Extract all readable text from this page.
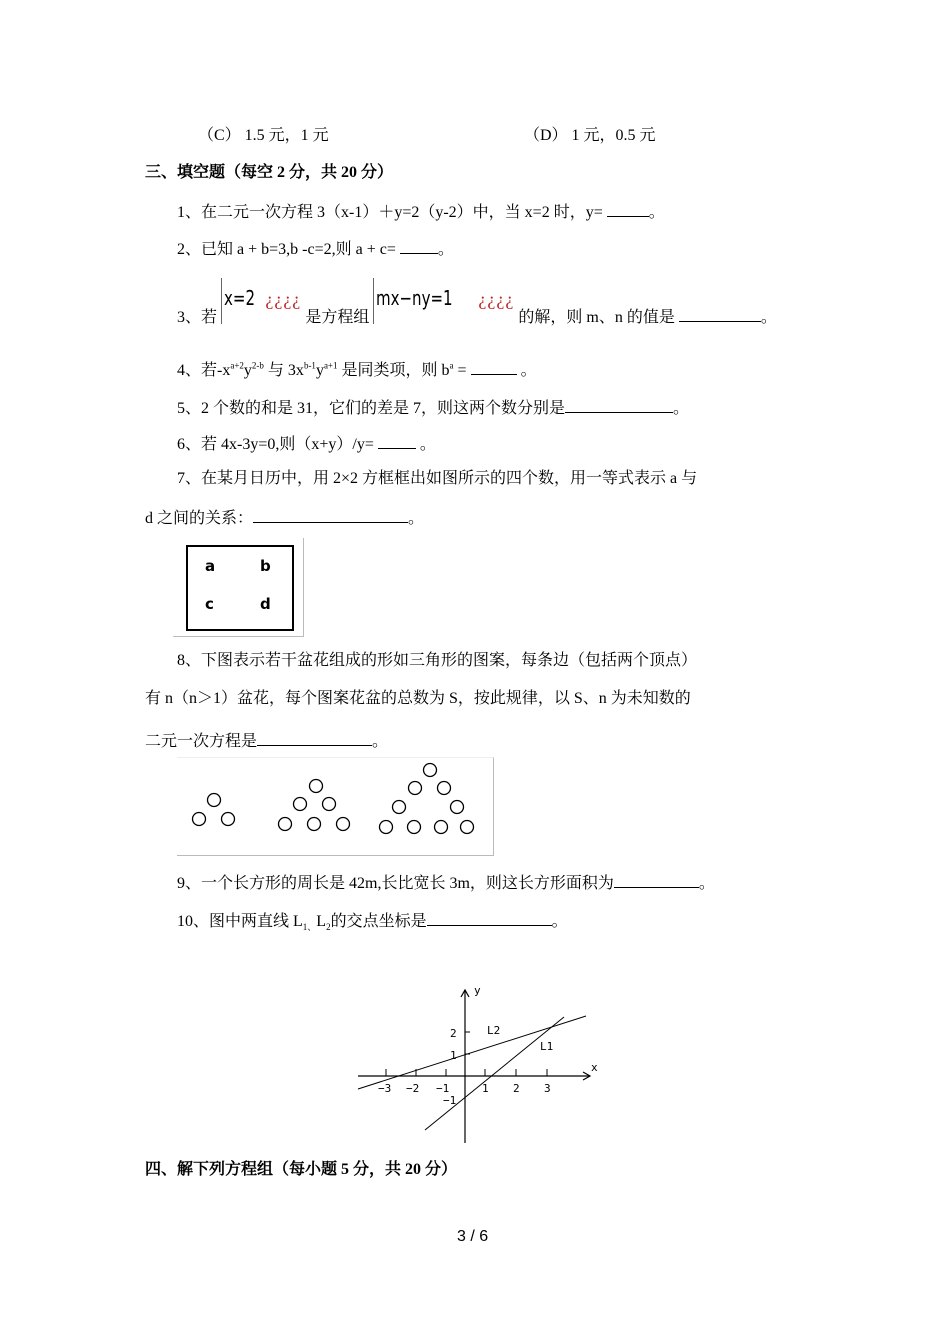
（C） 1.5 元，1 元	（D） 1 元，0.5 元
三、填空题（每空 2 分，共 20 分）
1、在二元一次方程 3（x-1）＋y=2（y-2）中，当 x=2 时，y=	。
2、已知 a + b=3,b -c=2,则 a + c= 。
3、若 x=2 ¿¿¿¿ 是方程组 mx−ny=1 ¿¿¿¿ 的解，则 m、n 的值是	。
4、若$-x^{a+2}y^{2-b}$ 与 $3x^{b-1}y^{a+1}$ 是同类项，则 $b^a$ =	。
5、2 个数的和是 31，它们的差是 7，则这两个数分别是	。
6、若 4x-3y=0,则（x+y）/y=  。
7、在某月日历中，用 2×2 方框框出如图所示的四个数，用一等式表示 a 与
d 之间的关系：	。
a	b
c	d
8、下图表示若干盆花组成的形如三角形的图案，每条边（包括两个顶点）
有 n（n＞1）盆花，每个图案花盆的总数为 S，按此规律，以 S、n 为未知数的
二元一次方程是	。
9、一个长方形的周长是 42m,长比宽长 3m，则这长方形面积为	。
10、图中两直线 $L_{1、}L_2$的交点坐标是	。
x
y
L2
L1
−3 −2 −1	1 2 3
2
1
−1
四、解下列方程组（每小题 5 分，共 20 分）
3 / 6
